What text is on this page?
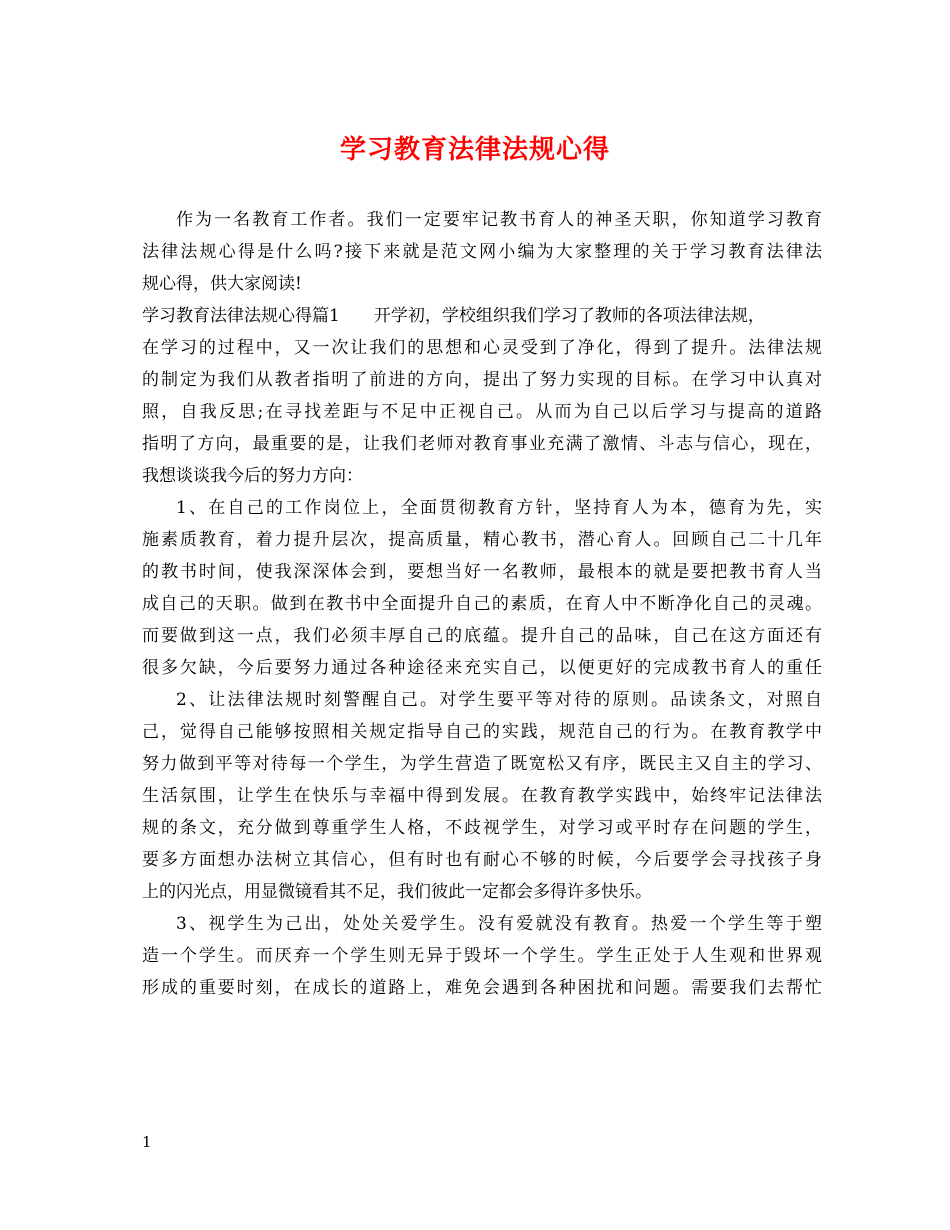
学习教育法律法规心得
作为一名教育工作者。我们一定要牢记教书育人的神圣天职，你知道学习教育
法律法规心得是什么吗?接下来就是范文网小编为大家整理的关于学习教育法律法
规心得，供大家阅读!
学习教育法律法规心得篇1 开学初，学校组织我们学习了教师的各项法律法规，
在学习的过程中，又一次让我们的思想和心灵受到了净化，得到了提升。法律法规
的制定为我们从教者指明了前进的方向，提出了努力实现的目标。在学习中认真对
照，自我反思;在寻找差距与不足中正视自己。从而为自己以后学习与提高的道路
指明了方向，最重要的是，让我们老师对教育事业充满了激情、斗志与信心，现在，
我想谈谈我今后的努力方向：
1、在自己的工作岗位上，全面贯彻教育方针，坚持育人为本，德育为先，实
施素质教育，着力提升层次，提高质量，精心教书，潜心育人。回顾自己二十几年
的教书时间，使我深深体会到，要想当好一名教师，最根本的就是要把教书育人当
成自己的天职。做到在教书中全面提升自己的素质，在育人中不断净化自己的灵魂。
而要做到这一点，我们必须丰厚自己的底蕴。提升自己的品味，自己在这方面还有
很多欠缺，今后要努力通过各种途径来充实自己，以便更好的完成教书育人的重任
2、让法律法规时刻警醒自己。对学生要平等对待的原则。品读条文，对照自
己，觉得自己能够按照相关规定指导自己的实践，规范自己的行为。在教育教学中
努力做到平等对待每一个学生，为学生营造了既宽松又有序，既民主又自主的学习、
生活氛围，让学生在快乐与幸福中得到发展。在教育教学实践中，始终牢记法律法
规的条文，充分做到尊重学生人格，不歧视学生，对学习或平时存在问题的学生，
要多方面想办法树立其信心，但有时也有耐心不够的时候，今后要学会寻找孩子身
上的闪光点，用显微镜看其不足，我们彼此一定都会多得许多快乐。
3、视学生为己出，处处关爱学生。没有爱就没有教育。热爱一个学生等于塑
造一个学生。而厌弃一个学生则无异于毁坏一个学生。学生正处于人生观和世界观
形成的重要时刻，在成长的道路上，难免会遇到各种困扰和问题。需要我们去帮忙
1
